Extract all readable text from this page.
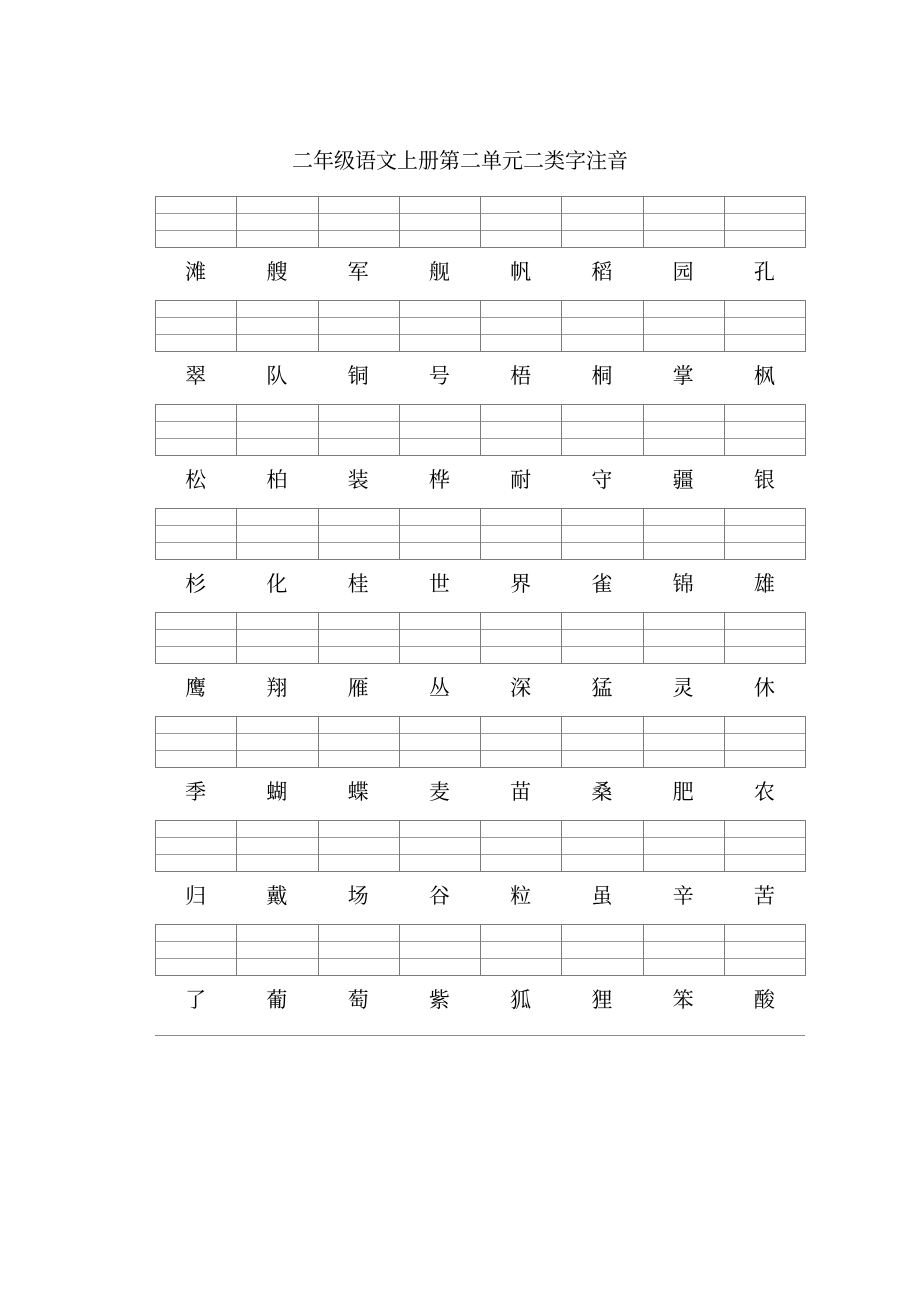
二年级语文上册第二单元二类字注音
滩	艘	军	舰	帆	稻	园	孔
翠	队	铜	号	梧	桐	掌	枫
松	柏	装	桦	耐	守	疆	银
杉	化	桂	世	界	雀	锦	雄
鹰	翔	雁	丛	深	猛	灵	休
季	蝴	蝶	麦	苗	桑	肥	农
归	戴	场	谷	粒	虽	辛	苦
了	葡	萄	紫	狐	狸	笨	酸
